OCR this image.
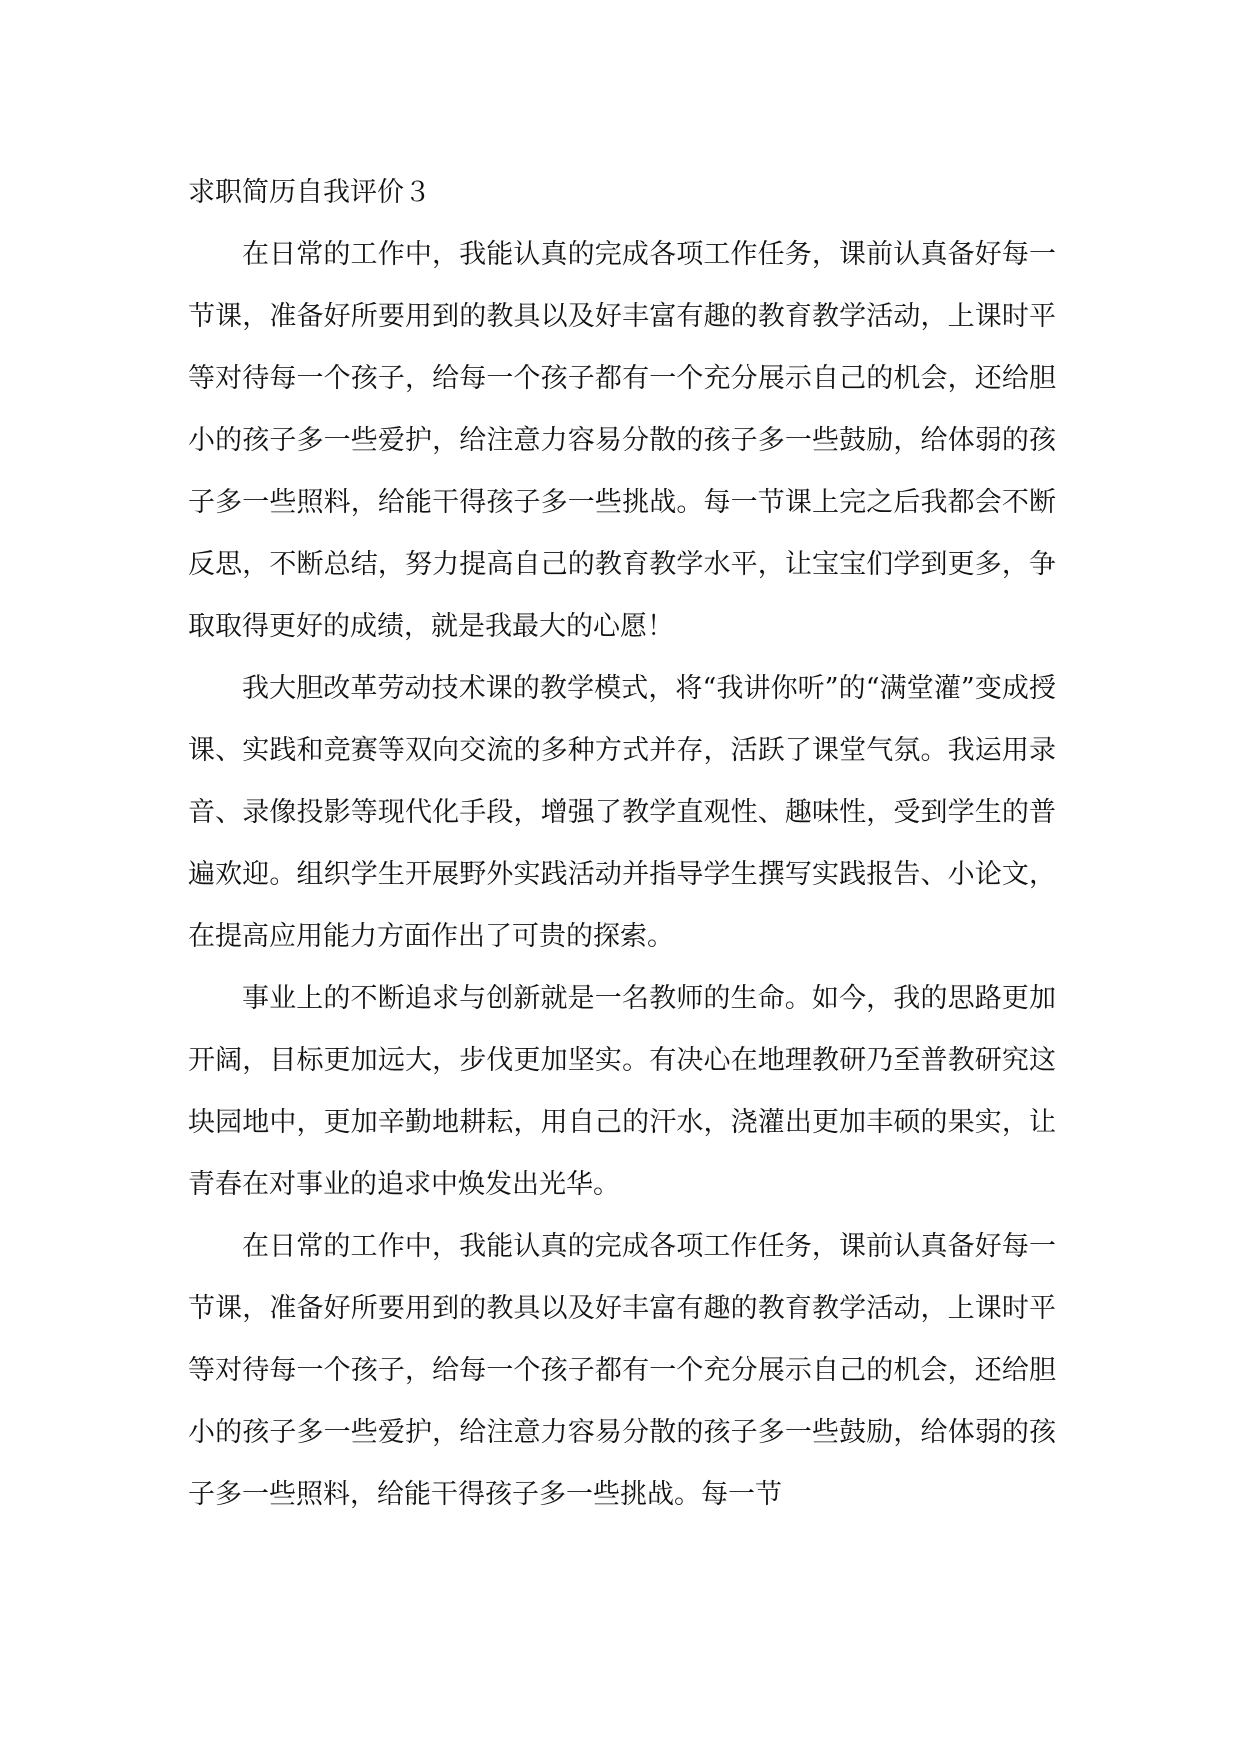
求职简历自我评价３

在日常的工作中，我能认真的完成各项工作任务，课前认真备好每一节课，准备好所要用到的教具以及好丰富有趣的教育教学活动，上课时平等对待每一个孩子，给每一个孩子都有一个充分展示自己的机会，还给胆小的孩子多一些爱护，给注意力容易分散的孩子多一些鼓励，给体弱的孩子多一些照料，给能干得孩子多一些挑战。每一节课上完之后我都会不断反思，不断总结，努力提高自己的教育教学水平，让宝宝们学到更多，争取取得更好的成绩，就是我最大的心愿！

我大胆改革劳动技术课的教学模式，将“我讲你听”的“满堂灌”变成授课、实践和竞赛等双向交流的多种方式并存，活跃了课堂气氛。我运用录音、录像投影等现代化手段，增强了教学直观性、趣味性，受到学生的普遍欢迎。组织学生开展野外实践活动并指导学生撰写实践报告、小论文，在提高应用能力方面作出了可贵的探索。

事业上的不断追求与创新就是一名教师的生命。如今，我的思路更加开阔，目标更加远大，步伐更加坚实。有决心在地理教研乃至普教研究这块园地中，更加辛勤地耕耘，用自己的汗水，浇灌出更加丰硕的果实，让青春在对事业的追求中焕发出光华。

在日常的工作中，我能认真的完成各项工作任务，课前认真备好每一节课，准备好所要用到的教具以及好丰富有趣的教育教学活动，上课时平等对待每一个孩子，给每一个孩子都有一个充分展示自己的机会，还给胆小的孩子多一些爱护，给注意力容易分散的孩子多一些鼓励，给体弱的孩子多一些照料，给能干得孩子多一些挑战。每一节
